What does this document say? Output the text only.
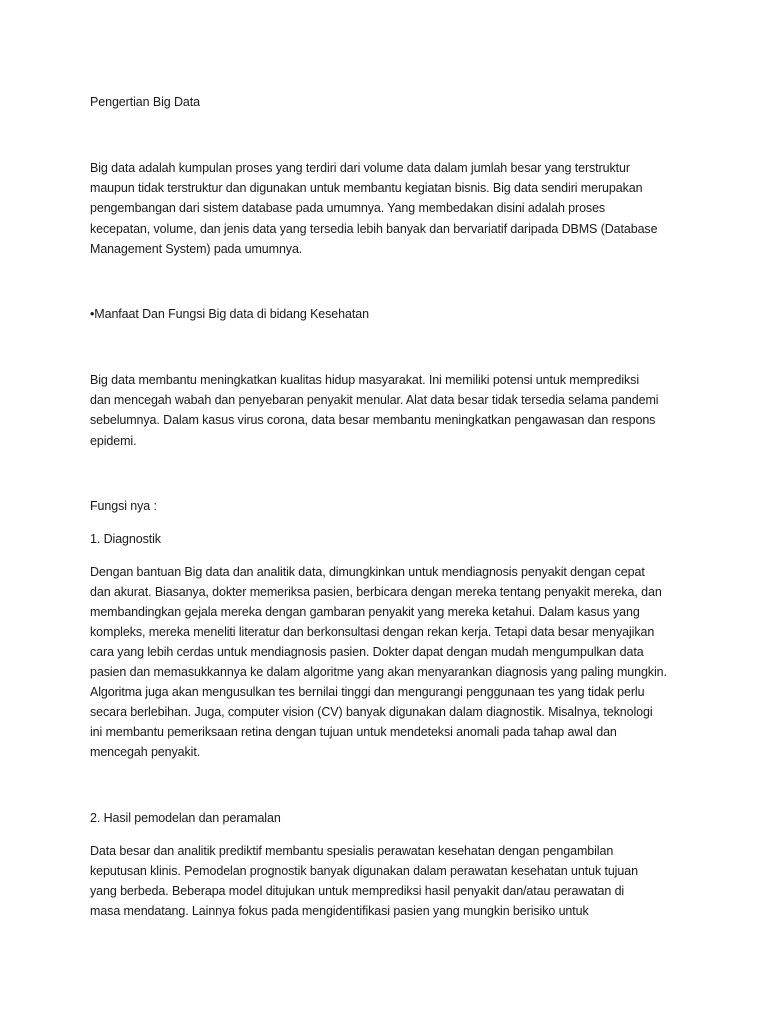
Pengertian Big Data

Big data adalah kumpulan proses yang terdiri dari volume data dalam jumlah besar yang terstruktur

maupun tidak terstruktur dan digunakan untuk membantu kegiatan bisnis. Big data sendiri merupakan

pengembangan dari sistem database pada umumnya. Yang membedakan disini adalah proses

kecepatan, volume, dan jenis data yang tersedia lebih banyak dan bervariatif daripada DBMS (Database

Management System) pada umumnya.

•Manfaat Dan Fungsi Big data di bidang Kesehatan

Big data membantu meningkatkan kualitas hidup masyarakat. Ini memiliki potensi untuk memprediksi

dan mencegah wabah dan penyebaran penyakit menular. Alat data besar tidak tersedia selama pandemi

sebelumnya. Dalam kasus virus corona, data besar membantu meningkatkan pengawasan dan respons

epidemi.

Fungsi nya :

1. Diagnostik

Dengan bantuan Big data dan analitik data, dimungkinkan untuk mendiagnosis penyakit dengan cepat

dan akurat. Biasanya, dokter memeriksa pasien, berbicara dengan mereka tentang penyakit mereka, dan

membandingkan gejala mereka dengan gambaran penyakit yang mereka ketahui. Dalam kasus yang

kompleks, mereka meneliti literatur dan berkonsultasi dengan rekan kerja. Tetapi data besar menyajikan

cara yang lebih cerdas untuk mendiagnosis pasien. Dokter dapat dengan mudah mengumpulkan data

pasien dan memasukkannya ke dalam algoritme yang akan menyarankan diagnosis yang paling mungkin.

Algoritma juga akan mengusulkan tes bernilai tinggi dan mengurangi penggunaan tes yang tidak perlu

secara berlebihan. Juga, computer vision (CV) banyak digunakan dalam diagnostik. Misalnya, teknologi

ini membantu pemeriksaan retina dengan tujuan untuk mendeteksi anomali pada tahap awal dan

mencegah penyakit.

2. Hasil pemodelan dan peramalan

Data besar dan analitik prediktif membantu spesialis perawatan kesehatan dengan pengambilan

keputusan klinis. Pemodelan prognostik banyak digunakan dalam perawatan kesehatan untuk tujuan

yang berbeda. Beberapa model ditujukan untuk memprediksi hasil penyakit dan/atau perawatan di

masa mendatang. Lainnya fokus pada mengidentifikasi pasien yang mungkin berisiko untuk
